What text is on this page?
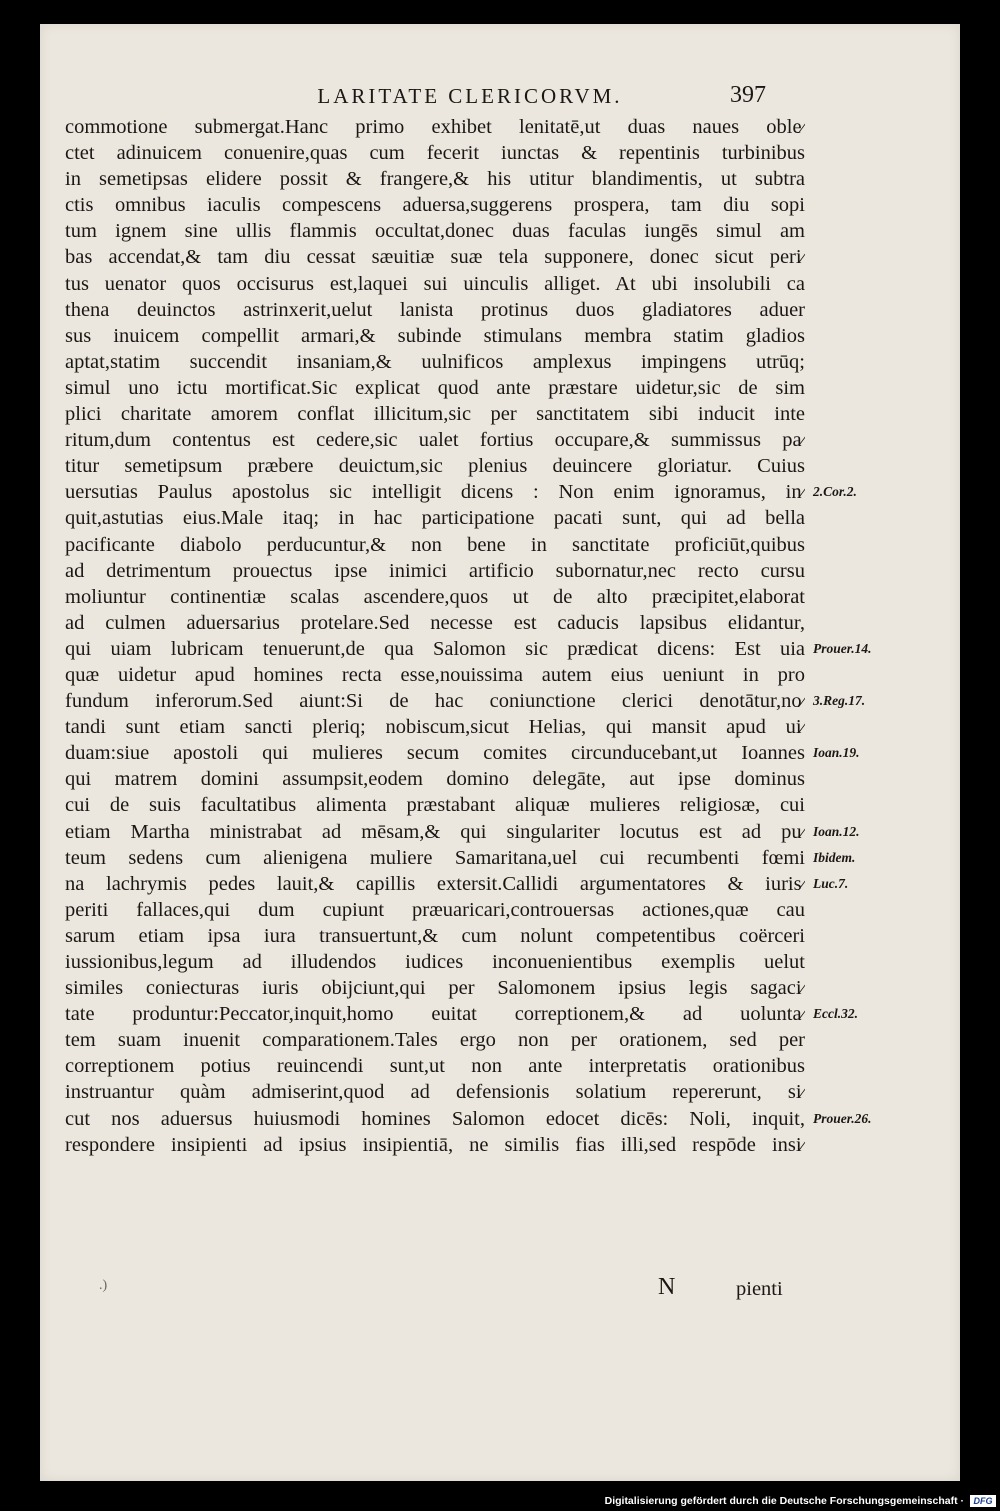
LARITATE CLERICORVM.	397
commotione submergat.Hanc primo exhibet lenitatē,ut duas naues oble⁄
ctet adinuicem conuenire,quas cum fecerit iunctas & repentinis turbinibus
in semetipsas elidere possit & frangere,& his utitur blandimentis, ut subtra
ctis omnibus iaculis compescens aduersa,suggerens prospera, tam diu sopi
tum ignem sine ullis flammis occultat,donec duas faculas iungēs simul am
bas accendat,& tam diu cessat sæuitiæ suæ tela supponere, donec sicut peri⁄
tus uenator quos occisurus est,laquei sui uinculis alliget. At ubi insolubili ca
thena deuinctos astrinxerit,uelut lanista protinus duos gladiatores aduer
sus inuicem compellit armari,& subinde stimulans membra statim gladios
aptat,statim succendit insaniam,& uulnificos amplexus impingens utrūq;
simul uno ictu mortificat.Sic explicat quod ante præstare uidetur,sic de sim
plici charitate amorem conflat illicitum,sic per sanctitatem sibi inducit inte
ritum,dum contentus est cedere,sic ualet fortius occupare,& summissus pa⁄
titur semetipsum præbere deuictum,sic plenius deuincere gloriatur. Cuius
uersutias Paulus apostolus sic intelligit dicens : Non enim ignoramus, in⁄
quit,astutias eius.Male itaq; in hac participatione pacati sunt, qui ad bella
pacificante diabolo perducuntur,& non bene in sanctitate proficiūt,quibus
ad detrimentum prouectus ipse inimici artificio subornatur,nec recto cursu
moliuntur continentiæ scalas ascendere,quos ut de alto præcipitet,elaborat
ad culmen aduersarius protelare.Sed necesse est caducis lapsibus elidantur,
qui uiam lubricam tenuerunt,de qua Salomon sic prædicat dicens: Est uia
quæ uidetur apud homines recta esse,nouissima autem eius ueniunt in pro
fundum inferorum.Sed aiunt:Si de hac coniunctione clerici denotātur,no⁄
tandi sunt etiam sancti pleriq; nobiscum,sicut Helias, qui mansit apud ui⁄
duam:siue apostoli qui mulieres secum comites circunducebant,ut Ioannes
qui matrem domini assumpsit,eodem domino delegāte, aut ipse dominus
cui de suis facultatibus alimenta præstabant aliquæ mulieres religiosæ, cui
etiam Martha ministrabat ad mēsam,& qui singulariter locutus est ad pu⁄
teum sedens cum alienigena muliere Samaritana,uel cui recumbenti fœmi
na lachrymis pedes lauit,& capillis extersit.Callidi argumentatores & iuris⁄
periti fallaces,qui dum cupiunt præuaricari,controuersas actiones,quæ cau
sarum etiam ipsa iura transuertunt,& cum nolunt competentibus coërceri
iussionibus,legum ad illudendos iudices inconuenientibus exemplis uelut
similes coniecturas iuris obijciunt,qui per Salomonem ipsius legis sagaci⁄
tate produntur:Peccator,inquit,homo euitat correptionem,& ad uolunta⁄
tem suam inuenit comparationem.Tales ergo non per orationem, sed per
correptionem potius reuincendi sunt,ut non ante interpretatis orationibus
instruantur quàm admiserint,quod ad defensionis solatium repererunt, si⁄
cut nos aduersus huiusmodi homines Salomon edocet dicēs: Noli, inquit,
respondere insipienti ad ipsius insipientiā, ne similis fias illi,sed respōde insi⁄
2.Cor.2.
Prouer.14.
3.Reg.17.
Ioan.19.
Ioan.12.
Ibidem.
Luc.7.
Eccl.32.
Prouer.26.
.)	N	pienti
Digitalisierung gefördert durch die Deutsche Forschungsgemeinschaft ·	DFG
